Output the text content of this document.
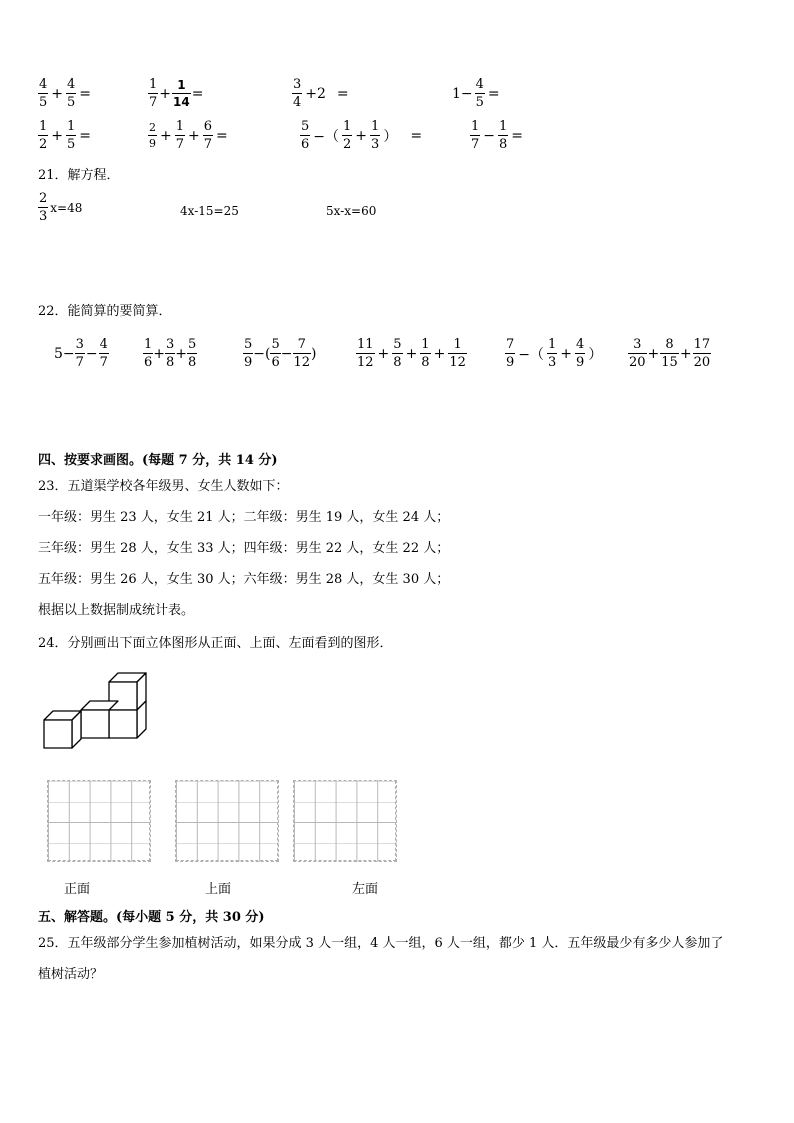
$\frac{4}{5} + \frac{4}{5}$ =	$\frac{1}{7} + \frac{1}{14}$ =	$\frac{3}{4} +2$ =	$1- \frac{4}{5}$ =
$\frac{1}{2} + \frac{1}{5}$ =	$\frac{2}{9} + \frac{1}{7} + \frac{6}{7}$ =	$\frac{5}{6}$ −（ $\frac{1}{2} + \frac{1}{3}$ ） =	$\frac{1}{7} - \frac{1}{8}$ =
21．解方程．
$\frac{2}{3} x=48$	4x-15=25	5x-x=60
22．能简算的要简算．
$5- \frac{3}{7} - \frac{4}{7}$	$\frac{1}{6} + \frac{3}{8} + \frac{5}{8}$	$\frac{5}{9}$ −( $\frac{5}{6} - \frac{7}{12}$ )	$\frac{11}{12} + \frac{5}{8} + \frac{1}{8} + \frac{1}{12}$	$\frac{7}{9}$ −（ $\frac{1}{3} + \frac{4}{9}$ ） $\frac{3}{20} + \frac{8}{15} + \frac{17}{20}$
四、按要求画图。(每题 7 分，共 14 分)
23．五道渠学校各年级男、女生人数如下：
一年级：男生 23 人，女生 21 人；二年级：男生 19 人，女生 24 人；
三年级：男生 28 人，女生 33 人；四年级：男生 22 人，女生 22 人；
五年级：男生 26 人，女生 30 人；六年级：男生 28 人，女生 30 人；
根据以上数据制成统计表。
24．分别画出下面立体图形从正面、上面、左面看到的图形．
正面	上面	左面
五、解答题。(每小题 5 分，共 30 分)
25．五年级部分学生参加植树活动，如果分成 3 人一组，4 人一组，6 人一组，都少 1 人．五年级最少有多少人参加了
植树活动？
